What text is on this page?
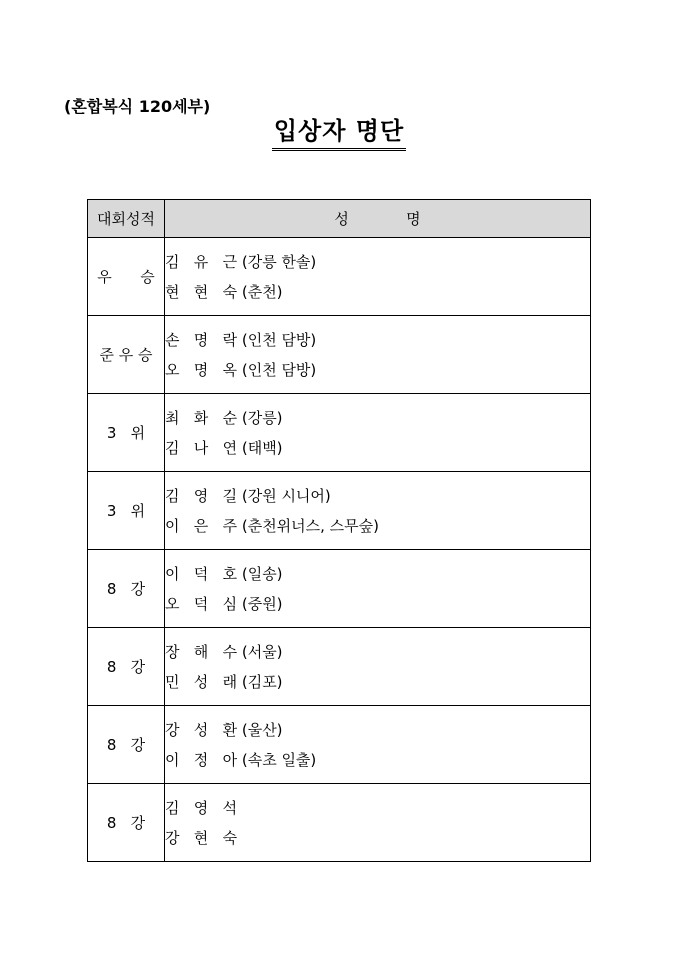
(혼합복식 120세부)
입상자 명단
대회성적	성            명
우      승	김   유   근 (강릉 한솔)
현   현   숙 (춘천)

준 우 승	손   명   락 (인천 담방)
오   명   옥 (인천 담방)

3   위	최   화   순 (강릉)
김   나   연 (태백)

3   위	김   영   길 (강원 시니어)
이   은   주 (춘천위너스, 스무숲)

8   강	이   덕   호 (일송)
오   덕   심 (중원)

8   강	장   해   수 (서울)
민   성   래 (김포)

8   강	강   성   환 (울산)
이   정   아 (속초 일출)

8   강	김   영   석
강   현   숙
